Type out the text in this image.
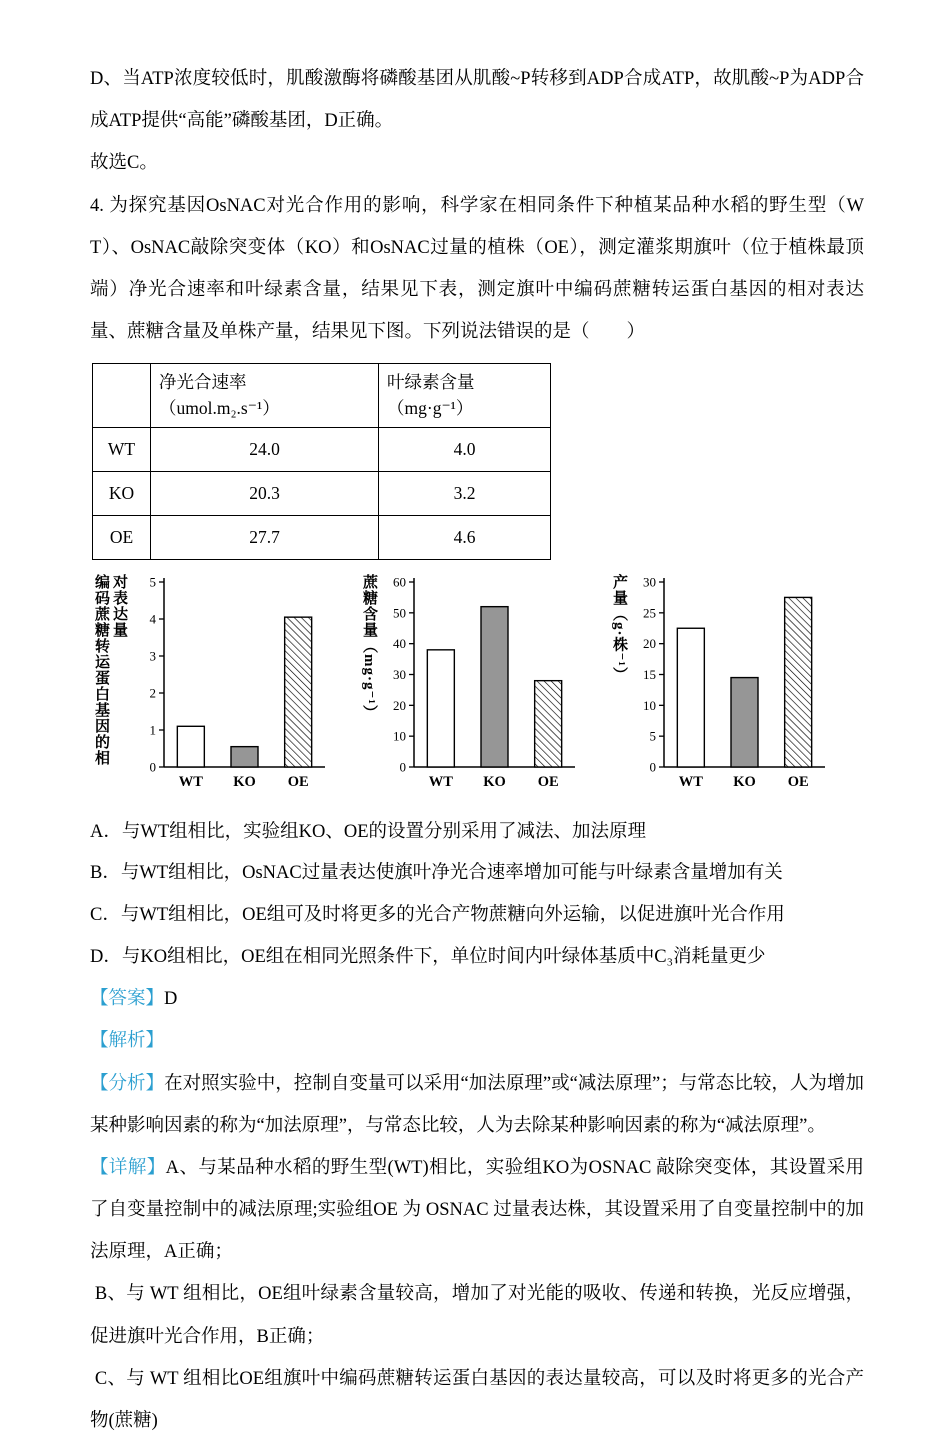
D、当ATP浓度较低时，肌酸激酶将磷酸基团从肌酸~P转移到ADP合成ATP，故肌酸~P为ADP合成ATP提供“高能”磷酸基团，D正确。

故选C。

4. 为探究基因OsNAC对光合作用的影响，科学家在相同条件下种植某品种水稻的野生型（WT）、OsNAC敲除突变体（KO）和OsNAC过量的植株（OE），测定灌浆期旗叶（位于植株最顶端）净光合速率和叶绿素含量，结果见下表，测定旗叶中编码蔗糖转运蛋白基因的相对表达量、蔗糖含量及单株产量，结果见下图。下列说法错误的是（　　）

净光合速率
（umol.m₂.s⁻¹）

叶绿素含量
（mg·g⁻¹）

WT	24.0	4.0
KO	20.3	3.2
OE	27.7	4.6
编码蔗糖转运蛋白基因的相对表达量
0
1
2
3
4
5
WT KO OE
蔗糖含量（mg·g⁻¹）
0
10
20
30
40
50
60
WT KO OE
产量（g·株⁻¹）
0
5
10
15
20
25
30
WT KO OE

A．与WT组相比，实验组KO、OE的设置分别采用了减法、加法原理

B．与WT组相比，OsNAC过量表达使旗叶净光合速率增加可能与叶绿素含量增加有关

C．与WT组相比，OE组可及时将更多的光合产物蔗糖向外运输，以促进旗叶光合作用

D．与KO组相比，OE组在相同光照条件下，单位时间内叶绿体基质中C₃消耗量更少

【答案】D

【解析】

【分析】在对照实验中，控制自变量可以采用“加法原理”或“减法原理”；与常态比较，人为增加某种影响因素的称为“加法原理”，与常态比较，人为去除某种影响因素的称为“减法原理”。

【详解】A、与某品种水稻的野生型(WT)相比，实验组KO为OSNAC 敲除突变体，其设置采用了自变量控制中的减法原理;实验组OE 为 OSNAC 过量表达株，其设置采用了自变量控制中的加法原理，A正确；

B、与 WT 组相比，OE组叶绿素含量较高，增加了对光能的吸收、传递和转换，光反应增强，促进旗叶光合作用，B正确；

C、与 WT 组相比OE组旗叶中编码蔗糖转运蛋白基因的表达量较高，可以及时将更多的光合产物(蔗糖)
